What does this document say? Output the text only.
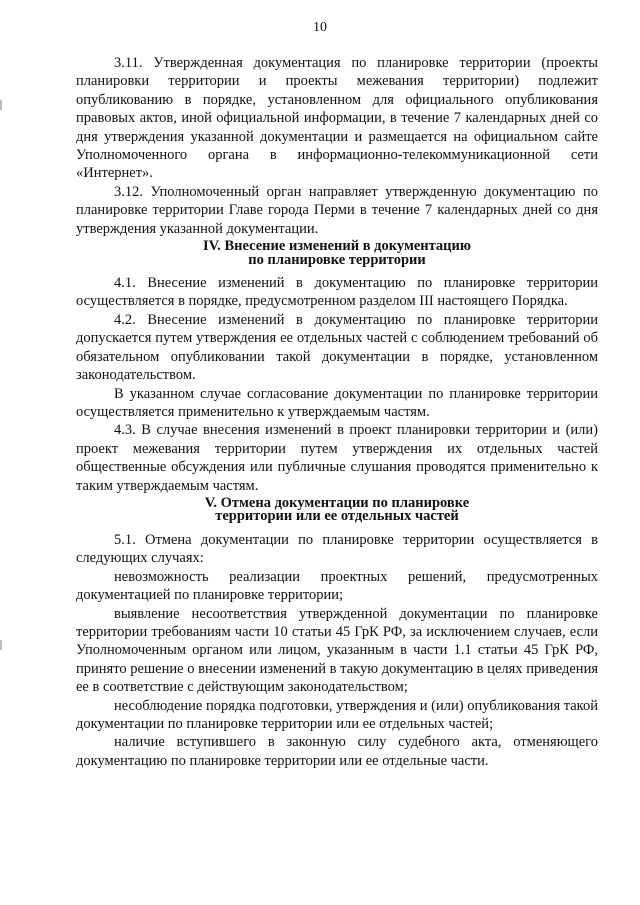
10

3.11. Утвержденная документация по планировке территории (проекты планировки территории и проекты межевания территории) подлежит опубликованию в порядке, установленном для официального опубликования правовых актов, иной официальной информации, в течение 7 календарных дней со дня утверждения указанной документации и размещается на официальном сайте Уполномоченного органа в информационно-телекоммуникационной сети «Интернет».

3.12. Уполномоченный орган направляет утвержденную документацию по планировке территории Главе города Перми в течение 7 календарных дней со дня утверждения указанной документации.

IV. Внесение изменений в документацию
по планировке территории

4.1. Внесение изменений в документацию по планировке территории осуществляется в порядке, предусмотренном разделом III настоящего Порядка.

4.2. Внесение изменений в документацию по планировке территории допускается путем утверждения ее отдельных частей с соблюдением требований об обязательном опубликовании такой документации в порядке, установленном законодательством.

В указанном случае согласование документации по планировке территории осуществляется применительно к утверждаемым частям.

4.3. В случае внесения изменений в проект планировки территории и (или) проект межевания территории путем утверждения их отдельных частей общественные обсуждения или публичные слушания проводятся применительно к таким утверждаемым частям.

V. Отмена документации по планировке
территории или ее отдельных частей

5.1. Отмена документации по планировке территории осуществляется в следующих случаях:

невозможность реализации проектных решений, предусмотренных документацией по планировке территории;

выявление несоответствия утвержденной документации по планировке территории требованиям части 10 статьи 45 ГрК РФ, за исключением случаев, если Уполномоченным органом или лицом, указанным в части 1.1 статьи 45 ГрК РФ, принято решение о внесении изменений в такую документацию в целях приведения ее в соответствие с действующим законодательством;

несоблюдение порядка подготовки, утверждения и (или) опубликования такой документации по планировке территории или ее отдельных частей;

наличие вступившего в законную силу судебного акта, отменяющего документацию по планировке территории или ее отдельные части.
